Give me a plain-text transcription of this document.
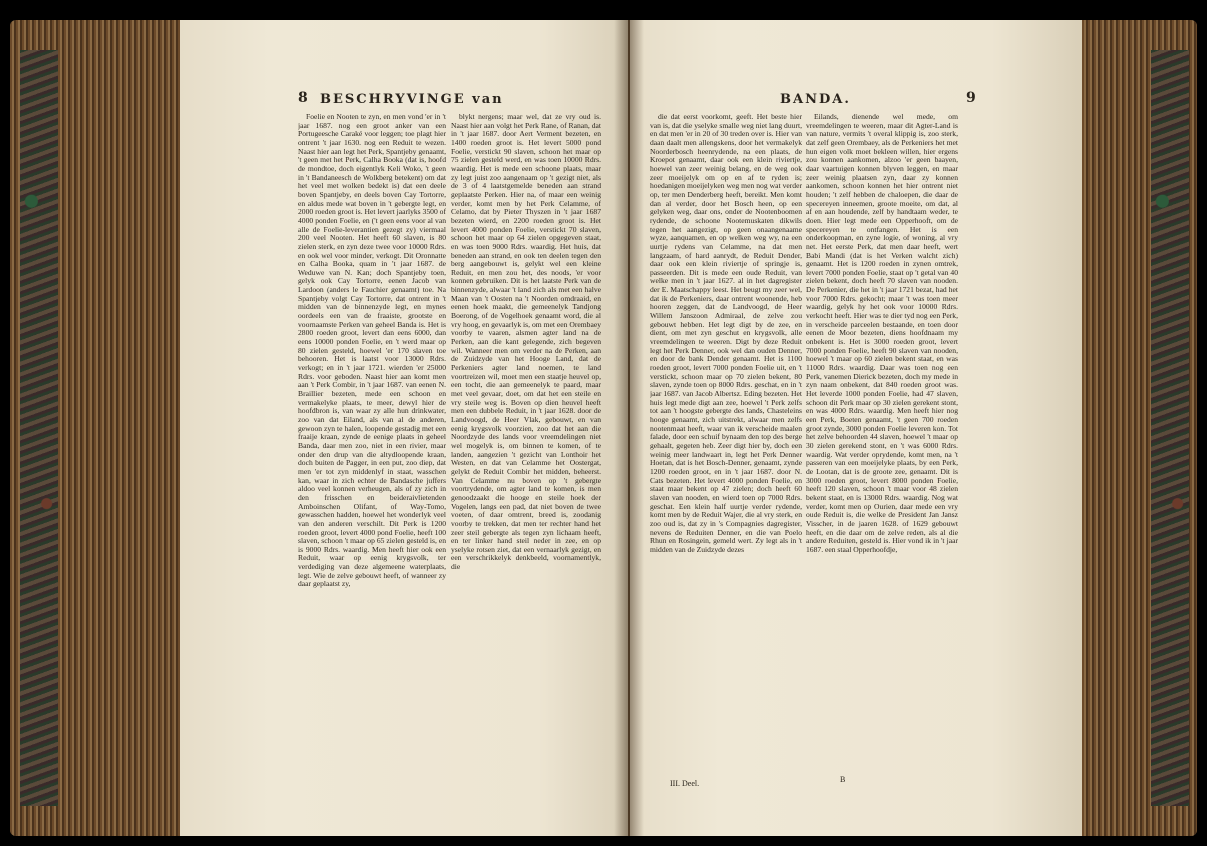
8 BESCHRYVINGE van

Foelie en Nooten te zyn, en men vond 'er in 't jaar 1687. nog een groot anker van een Portugeesche Caraké voor leggen; toe plagt hier ontrent 't jaar 1630. nog een Reduit te wezen. Naast hier aan legt het Perk, Spantjeby genaamt, 't geen met het Perk, Calha Booka (dat is, hoofd de mondtoe, doch eigentlyk Keli Woko, 't geen in 't Bandaneesch de Wolkberg betekent) om dat het veel met wolken bedekt is) dat een deele boven Spantjeby, en deels boven Cay Tortorre, en aldus mede wat boven in 't gebergte legt, en 2000 roeden groot is. Het levert jaarlyks 3500 of 4000 ponden Foelie, en ('t geen eens voor al van alle de Foelie-leverantien gezegt zy) viermaal 200 veel Nooten. Het heeft 60 slaven, is 80 zielen sterk, en zyn deze twee voor 10000 Rdrs. en ook wel voor minder, verkogt. Dit Oronnatte en Calha Booka, quam in 't jaar 1687. de Weduwe van N. Kan; doch Spantjeby toen, gelyk ook Cay Tortorre, eenen Jacob van Lardoon (anders le Fauchier genaamt) toe. Na Spantjeby volgt Cay Tortorre, dat ontrent in 't midden van de binnenzyde legt, en mynes oordeels een van de fraaiste, grootste en voornaamste Perken van geheel Banda is. Het is 2800 roeden groot, levert dan eens 6000, dan eens 10000 ponden Foelie, en 't werd maar op 80 zielen gesteld, hoewel 'er 170 slaven toe behooren. Het is laatst voor 13000 Rdrs. verkogt; en in 't jaar 1721. wierden 'er 25000 Rdrs. voor geboden. Naast hier aan komt men aan 't Perk Combir, in 't jaar 1687. van eenen N. Braillier bezeten, mede een schoon en vermakelyke plaats, te meer, dewyl hier de hoofdbron is, van waar zy alle hun drinkwater, zoo van dat Eiland, als van al de anderen, gewoon zyn te halen, loopende gestadig met een fraaije kraan, zynde de eenige plaats in geheel Banda, daar men zoo, niet in een rivier, maar onder den drup van die altydloopende kraan, doch buiten de Pagger, in een put, zoo diep, dat men 'er tot zyn middenlyf in staat, wasschen kan, waar in zich echter de Bandasche juffers aldoo veel konnen verheugen, als of zy zich in den frisschen en beideraivlietenden Amboinschen Olifant, of Way-Tomo, gewasschen hadden, hoewel het wonderlyk veel van den anderen verschilt. Dit Perk is 1200 roeden groot, levert 4000 pond Foelie, heeft 100 slaven, schoon 't maar op 65 zielen gesteld is, en is 9000 Rdrs. waardig. Men heeft hier ook een Reduit, waar op eenig krygsvolk, ter verdediging van deze algemeene waterplaats, legt. Wie de zelve gebouwt heeft, of wanneer zy daar geplaatst zy,

blykt nergens; maar wel, dat ze vry oud is. Naast hier aan volgt het Perk Rane, of Ranan, dat in 't jaar 1687. door Aert Verment bezeten, en 1400 roeden groot is. Het levert 5000 pond Foelie, verstickt 90 slaven, schoon het maar op 75 zielen gesteld werd, en was toen 10000 Rdrs. waardig. Het is mede een schoone plaats, maar zy legt juist zoo aangenaam op 't gezigt niet, als de 3 of 4 laatstgemelde beneden aan strand geplaatste Perken. Hier na, of maar een weinig verder, komt men by het Perk Celamme, of Celamo, dat by Pieter Thyszen in 't jaar 1687 bezeten wierd, en 2200 roeden groot is. Het levert 4000 ponden Foelie, verstickt 70 slaven, schoon het maar op 64 zielen opgegeven staat, en was toen 9000 Rdrs. waardig. Het huis, dat beneden aan strand, en ook ten deelen tegen den berg aangebouwt is, gelykt wel een kleine Reduit, en men zou het, des noods, 'er voor konnen gebruiken. Dit is het laatste Perk van de binnenzyde, alwaar 't land zich als met een halve Maan van 't Oosten na 't Noorden omdraaid, en eenen hoek maakt, die gemeenelyk Tandjong Boerong, of de Vogelhoek genaamt word, die al vry hoog, en gevaarlyk is, om met een Orembaey voorby te vaaren, alsmen agter land na de Perken, aan die kant gelegende, zich begeven wil. Wanneer men om verder na de Perken, aan de Zuidzyde van het Hooge Land, dat de Perkeniers agter land noemen, te land voortreizen wil, moet men een staatje heuvel op, een tocht, die aan gemeenelyk te paard, maar met veel gevaar, doet, om dat het een steile en vry steile weg is. Boven op dien heuvel heeft men een dubbele Reduit, in 't jaar 1628. door de Landvoogd, de Heer Vlak, gebouwt, en van eenig krygsvolk voorzien, zoo dat het aan die Noordzyde des lands voor vreemdelingen niet wel mogelyk is, om binnen te komen, of te landen, aangezien 't gezicht van Lonthoir het Westen, en dat van Celamme het Oostergat, gelykt de Reduit Combir het midden, beheerst. Van Celamme nu boven op 't gebergte voortrydende, om agter land te komen, is men genoodzaakt die hooge en steile hoek der Vogelen, langs een pad, dat niet boven de twee voeten, of daar omtrent, breed is, zoodanig voorby te trekken, dat men ter rechter hand het zeer steil gebergte als tegen zyn lichaam heeft, en ter linker hand steil neder in zee, en op yselyke rotsen ziet, dat een vernaarlyk gezigt, en een verschrikkelyk denkbeeld, voornamentlyk, die

BANDA.	9

die dat eerst voorkomt, geeft. Het beste hier van is, dat die yselyke smalle weg niet lang duurt, en dat men 'er in 20 of 30 treden over is. Hier van daan daalt men allengskens, door het vermakelyk Noorderbosch heenrydende, na een plaats, de Kroepot genaamt, daar ook een klein riviertje, hoewel van zeer weinig belang, en de weg ook zeer moeijelyk om op en af te ryden is; hoedanigen moeijelyken weg men nog wat verder op, ter men Denderberg heeft, bereikt. Men komt dan al verder, door het Bosch heen, op een gelyken weg, daar ons, onder de Nootenboomen rydende, de schoone Nootemuskaten dikwils tegen het aangezigt, op geen onaangenaame wyze, aanquamen, en op welken weg wy, na een uurtje rydens van Celamme, na dat men langzaam, of hard aanrydt, de Reduit Dender, daar ook een klein riviertje of springje is, passeerden. Dit is mede een oude Reduit, van welke men in 't jaar 1627. al in het dagregister der E. Maatschappy leest. Het beugt my zeer wel, dat ik de Perkeniers, daar ontrent woonende, heb hooren zeggen, dat de Landvoogd, de Heer Willem Janszoon Admiraal, de zelve zou gebouwt hebben. Het legt digt by de zee, en dient, om met zyn geschut en krygsvolk, alle vreemdelingen te weeren. Digt by deze Reduit legt het Perk Denner, ook wel dan ouden Denner, en door de bank Dender genaamt. Het is 1100 roeden groot, levert 7000 ponden Foelie uit, en 't verstickt, schoon maar op 70 zielen bekent, 80 slaven, zynde toen op 8000 Rdrs. geschat, en in 't jaar 1687. van Jacob Albertsz. Eding bezeten. Het huis legt mede digt aan zee, hoewel 't Perk zelfs tot aan 't hoogste gebergte des lands, Chasteleins hooge genaamt, zich uitstrekt, alwaar men zelfs nootenmaat heeft, waar van ik verscheide maalen falade, door een schuif bynaam den top des berge gehaalt, gegeten heb. Zeer digt hier by, doch een weinig meer landwaart in, legt het Perk Denner Hoetan, dat is het Bosch-Denner, genaamt, zynde 1200 roeden groot, en in 't jaar 1687. door N. Cats bezeten. Het levert 4000 ponden Foelie, en staat maar bekent op 47 zielen; doch heeft 60 slaven van nooden, en wierd toen op 7000 Rdrs. geschat. Een klein half uurtje verder rydende, komt men by de Reduit Wajer, die al vry sterk, en zoo oud is, dat zy in 's Compagnies dagregister, nevens de Reduiten Denner, en die van Poelo Rhun en Rosingein, gemeld wert. Zy legt als in 't midden van de Zuidzyde dezes

Eilands, dienende wel mede, om vreemdelingen te weeren, maar dit Agter-Land is van nature, vermits 't overal klippig is, zoo sterk, dat zelf geen Orembaey, als de Perkeniers het met hun eigen volk moet bekleen willen, hier ergens zou konnen aankomen, alzoo 'er geen baayen, daar vaartuigen konnen blyven leggen, en maar zeer weinig plaatsen zyn, daar zy konnen aankomen, schoon konnen het hier ontrent niet houden; 't zelf hebben de chaloepen, die daar de specereyen inneemen, groote moeite, om dat, al af en aan houdende, zelf by handtaam weder, te doen. Hier legt mede een Opperhooft, om de specereyen te ontfangen. Het is een onderkoopman, en zyne logie, of woning, al vry net. Het eerste Perk, dat men daar heeft, wert Babi Mandi (dat is het Verken walcht zich) genaamt. Het is 1200 roeden in zynen omtrek, levert 7000 ponden Foelie, staat op 't getal van 40 zielen bekent, doch heeft 70 slaven van nooden. De Perkenier, die het in 't jaar 1721 bezat, had het voor 7000 Rdrs. gekocht; maar 't was toen meer waardig, gelyk hy het ook voor 10000 Rdrs. verkocht heeft. Hier was te dier tyd nog een Perk, in verscheide parceelen bestaande, en toen door eenen de Moor bezeten, diens hoofdnaam my onbekent is. Het is 3000 roeden groot, levert 7000 ponden Foelie, heeft 90 slaven van nooden, hoewel 't maar op 60 zielen bekent staat, en was 11000 Rdrs. waardig. Daar was toen nog een Perk, vanemen Dierick bezeten, doch my mede in zyn naam onbekent, dat 840 roeden groot was. Het leverde 1000 ponden Foelie, had 47 slaven, schoon dit Perk maar op 30 zielen gerekent stont, en was 4000 Rdrs. waardig. Men heeft hier nog een Perk, Boeten genaamt, 't geen 700 roeden groot zynde, 3000 ponden Foelie leveren kon. Tot het zelve behoorden 44 slaven, hoewel 't maar op 30 zielen gerekend stont, en 't was 6000 Rdrs. waardig. Wat verder oprydende, komt men, na 't passeren van een moeijelyke plaats, by een Perk, de Lootan, dat is de groote zee, genaamt. Dit is 3000 roeden groot, levert 8000 ponden Foelie, heeft 120 slaven, schoon 't maar voor 48 zielen bekent staat, en is 13000 Rdrs. waardig. Nog wat verder, komt men op Ourien, daar mede een vry oude Reduit is, die welke de President Jan Jansz Visscher, in de jaaren 1628. of 1629 gebouwt heeft, en die daar om de zelve reden, als al die andere Reduiten, gesteld is. Hier vond ik in 't jaar 1687. een staal Opperhoofdje,

III. Deel.	B
